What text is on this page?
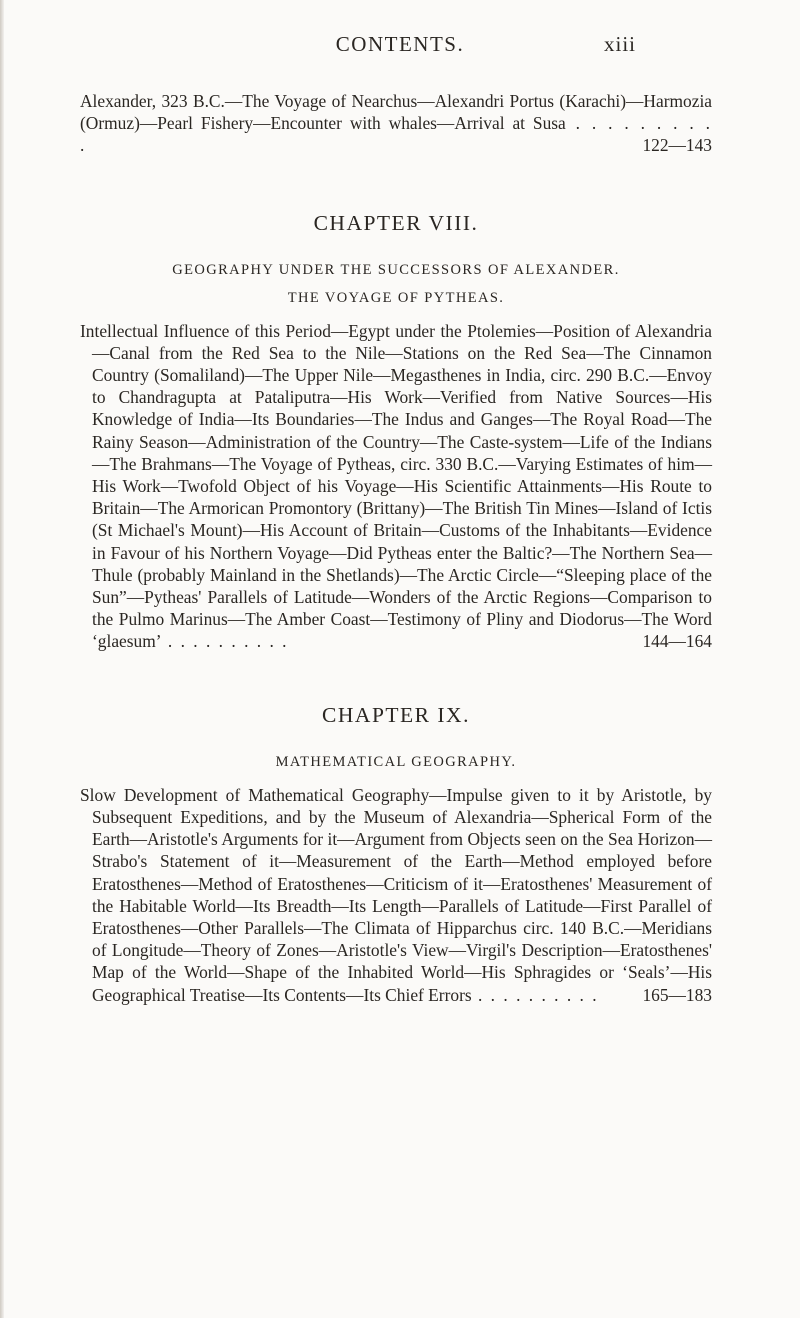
CONTENTS.	xiii

Alexander, 323 B.C.—The Voyage of Nearchus—Alexandri Portus (Karachi)—Harmozia (Ormuz)—Pearl Fishery—Encounter with whales—Arrival at Susa . . . . . . . . . .	122—143
CHAPTER VIII.
GEOGRAPHY UNDER THE SUCCESSORS OF ALEXANDER.
THE VOYAGE OF PYTHEAS.

Intellectual Influence of this Period—Egypt under the Ptolemies—Position of Alexandria—Canal from the Red Sea to the Nile—Stations on the Red Sea—The Cinnamon Country (Somaliland)—The Upper Nile—Megasthenes in India, circ. 290 B.C.—Envoy to Chandragupta at Pataliputra—His Work—Verified from Native Sources—His Knowledge of India—Its Boundaries—The Indus and Ganges—The Royal Road—The Rainy Season—Administration of the Country—The Caste-system—Life of the Indians—The Brahmans—The Voyage of Pytheas, circ. 330 B.C.—Varying Estimates of him—His Work—Twofold Object of his Voyage—His Scientific Attainments—His Route to Britain—The Armorican Promontory (Brittany)—The British Tin Mines—Island of Ictis (St Michael's Mount)—His Account of Britain—Customs of the Inhabitants—Evidence in Favour of his Northern Voyage—Did Pytheas enter the Baltic?—The Northern Sea—Thule (probably Mainland in the Shetlands)—The Arctic Circle—“Sleeping place of the Sun”—Pytheas' Parallels of Latitude—Wonders of the Arctic Regions—Comparison to the Pulmo Marinus—The Amber Coast—Testimony of Pliny and Diodorus—The Word ‘glaesum’ . . . . . . . . . .	144—164
CHAPTER IX.
MATHEMATICAL GEOGRAPHY.

Slow Development of Mathematical Geography—Impulse given to it by Aristotle, by Subsequent Expeditions, and by the Museum of Alexandria—Spherical Form of the Earth—Aristotle's Arguments for it—Argument from Objects seen on the Sea Horizon—Strabo's Statement of it—Measurement of the Earth—Method employed before Eratosthenes—Method of Eratosthenes—Criticism of it—Eratosthenes' Measurement of the Habitable World—Its Breadth—Its Length—Parallels of Latitude—First Parallel of Eratosthenes—Other Parallels—The Climata of Hipparchus circ. 140 B.C.—Meridians of Longitude—Theory of Zones—Aristotle's View—Virgil's Description—Eratosthenes' Map of the World—Shape of the Inhabited World—His Sphragides or ‘Seals’—His Geographical Treatise—Its Contents—Its Chief Errors . . . . . . . . . .	165—183
